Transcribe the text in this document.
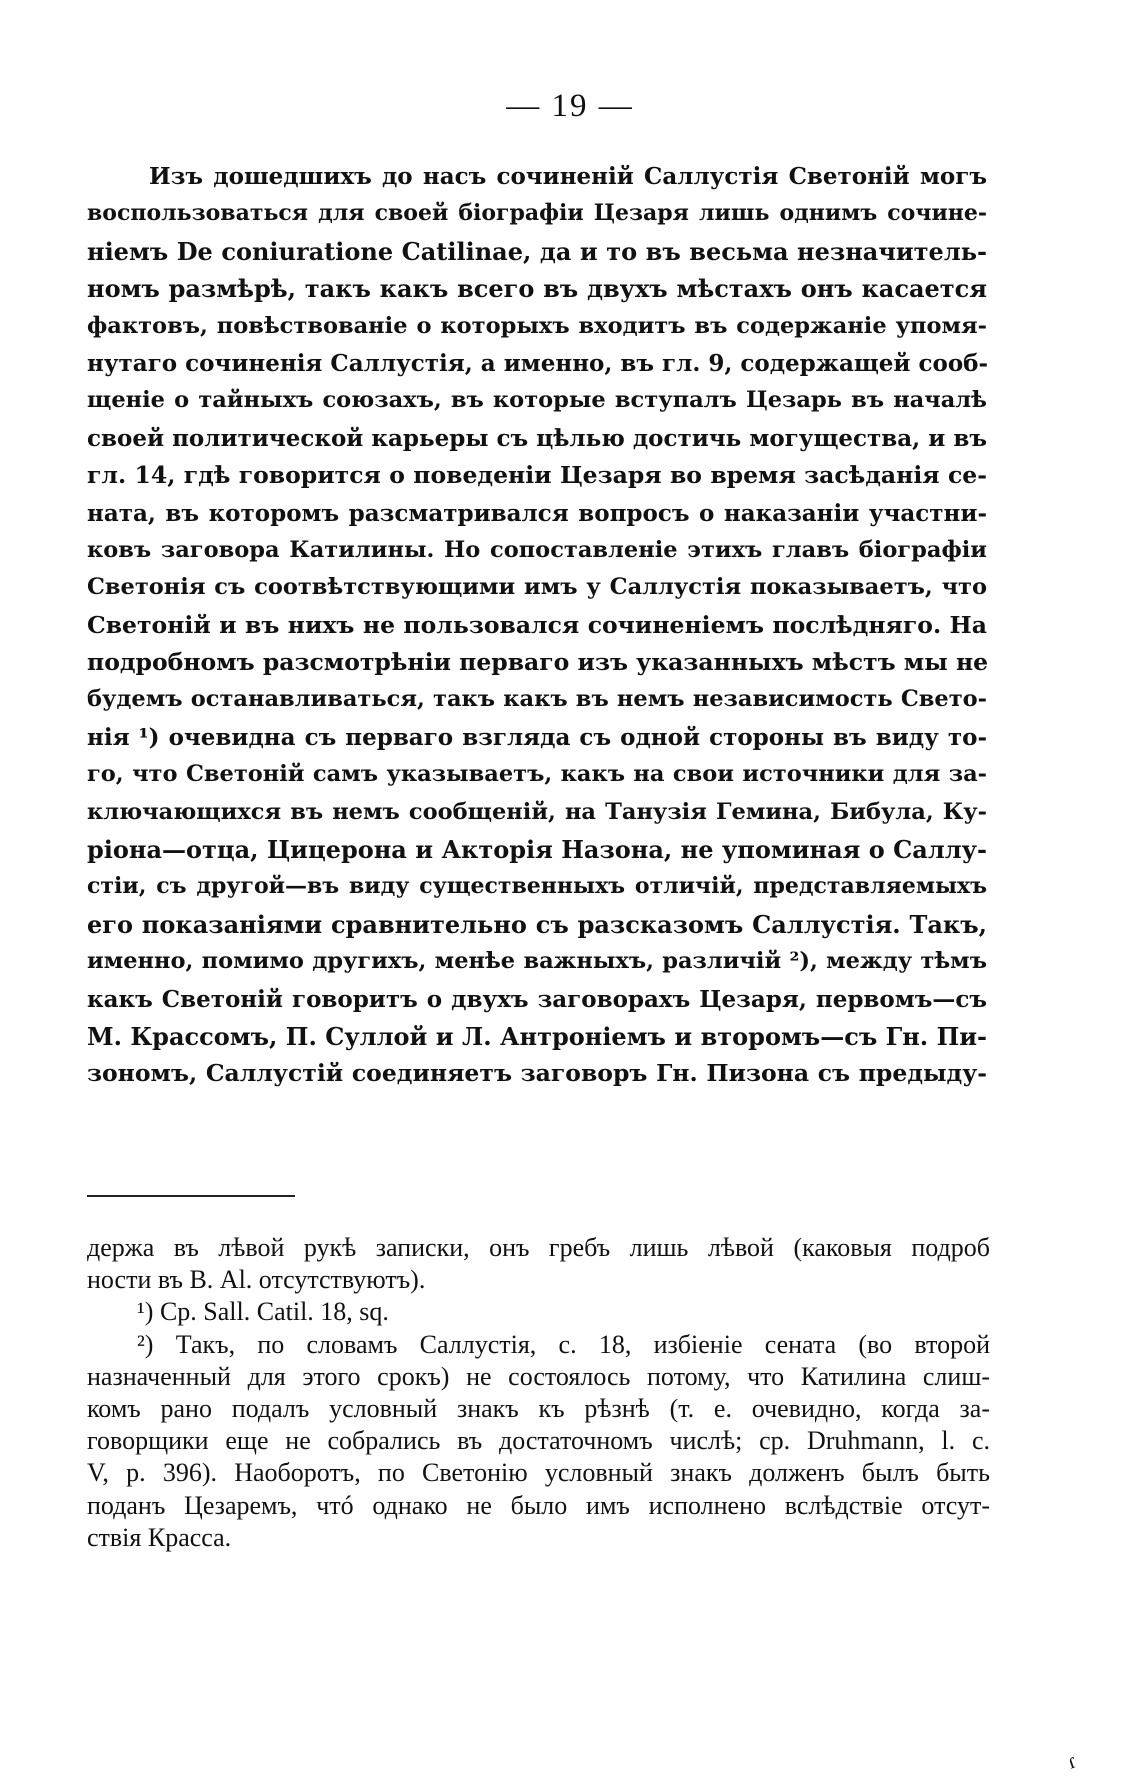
— 19 —
Изъ дошедшихъ до насъ сочиненій Саллустія Светоній могъ
воспользоваться для своей біографіи Цезаря лишь однимъ сочине-
ніемъ De coniuratione Catilinae, да и то въ весьма незначитель-
номъ размѣрѣ, такъ какъ всего въ двухъ мѣстахъ онъ касается
фактовъ, повѣствованіе о которыхъ входитъ въ содержаніе упомя-
нутаго сочиненія Саллустія, а именно, въ гл. 9, содержащей сооб-
щеніе о тайныхъ союзахъ, въ которые вступалъ Цезарь въ началѣ
своей политической карьеры съ цѣлью достичь могущества, и въ
гл. 14, гдѣ говорится о поведеніи Цезаря во время засѣданія се-
ната, въ которомъ разсматривался вопросъ о наказаніи участни-
ковъ заговора Катилины. Но сопоставленіе этихъ главъ біографіи
Светонія съ соотвѣтствующими имъ у Саллустія показываетъ, что
Светоній и въ нихъ не пользовался сочиненіемъ послѣдняго. На
подробномъ разсмотрѣніи перваго изъ указанныхъ мѣстъ мы не
будемъ останавливаться, такъ какъ въ немъ независимость Свето-
нія ¹) очевидна съ перваго взгляда съ одной стороны въ виду то-
го, что Светоній самъ указываетъ, какъ на свои источники для за-
ключающихся въ немъ сообщеній, на Танузія Гемина, Бибула, Ку-
ріона—отца, Цицерона и Акторія Назона, не упоминая о Саллу-
стіи, съ другой—въ виду существенныхъ отличій, представляемыхъ
его показаніями сравнительно съ разсказомъ Саллустія. Такъ,
именно, помимо другихъ, менѣе важныхъ, различій ²), между тѣмъ
какъ Светоній говоритъ о двухъ заговорахъ Цезаря, первомъ—съ
М. Крассомъ, П. Суллой и Л. Антроніемъ и второмъ—съ Гн. Пи-
зономъ, Саллустій соединяетъ заговоръ Гн. Пизона съ предыду-
держа въ лѣвой рукѣ записки, онъ гребъ лишь лѣвой (каковыя подроб
ности въ В. Al. отсутствуютъ).
¹) Cp. Sall. Catil. 18, sq.
²) Такъ, по словамъ Саллустія, с. 18, избіеніе сената (во второй
назначенный для этого срокъ) не состоялось потому, что Катилина слиш-
комъ рано подалъ условный знакъ къ рѣзнѣ (т. е. очевидно, когда за-
говорщики еще не собрались въ достаточномъ числѣ; ср. Druhmann, l. c.
V, p. 396). Наоборотъ, по Светонію условный знакъ долженъ былъ быть
поданъ Цезаремъ, чтó однако не было имъ исполнено вслѣдствіе отсут-
ствія Красса.
ɾ
